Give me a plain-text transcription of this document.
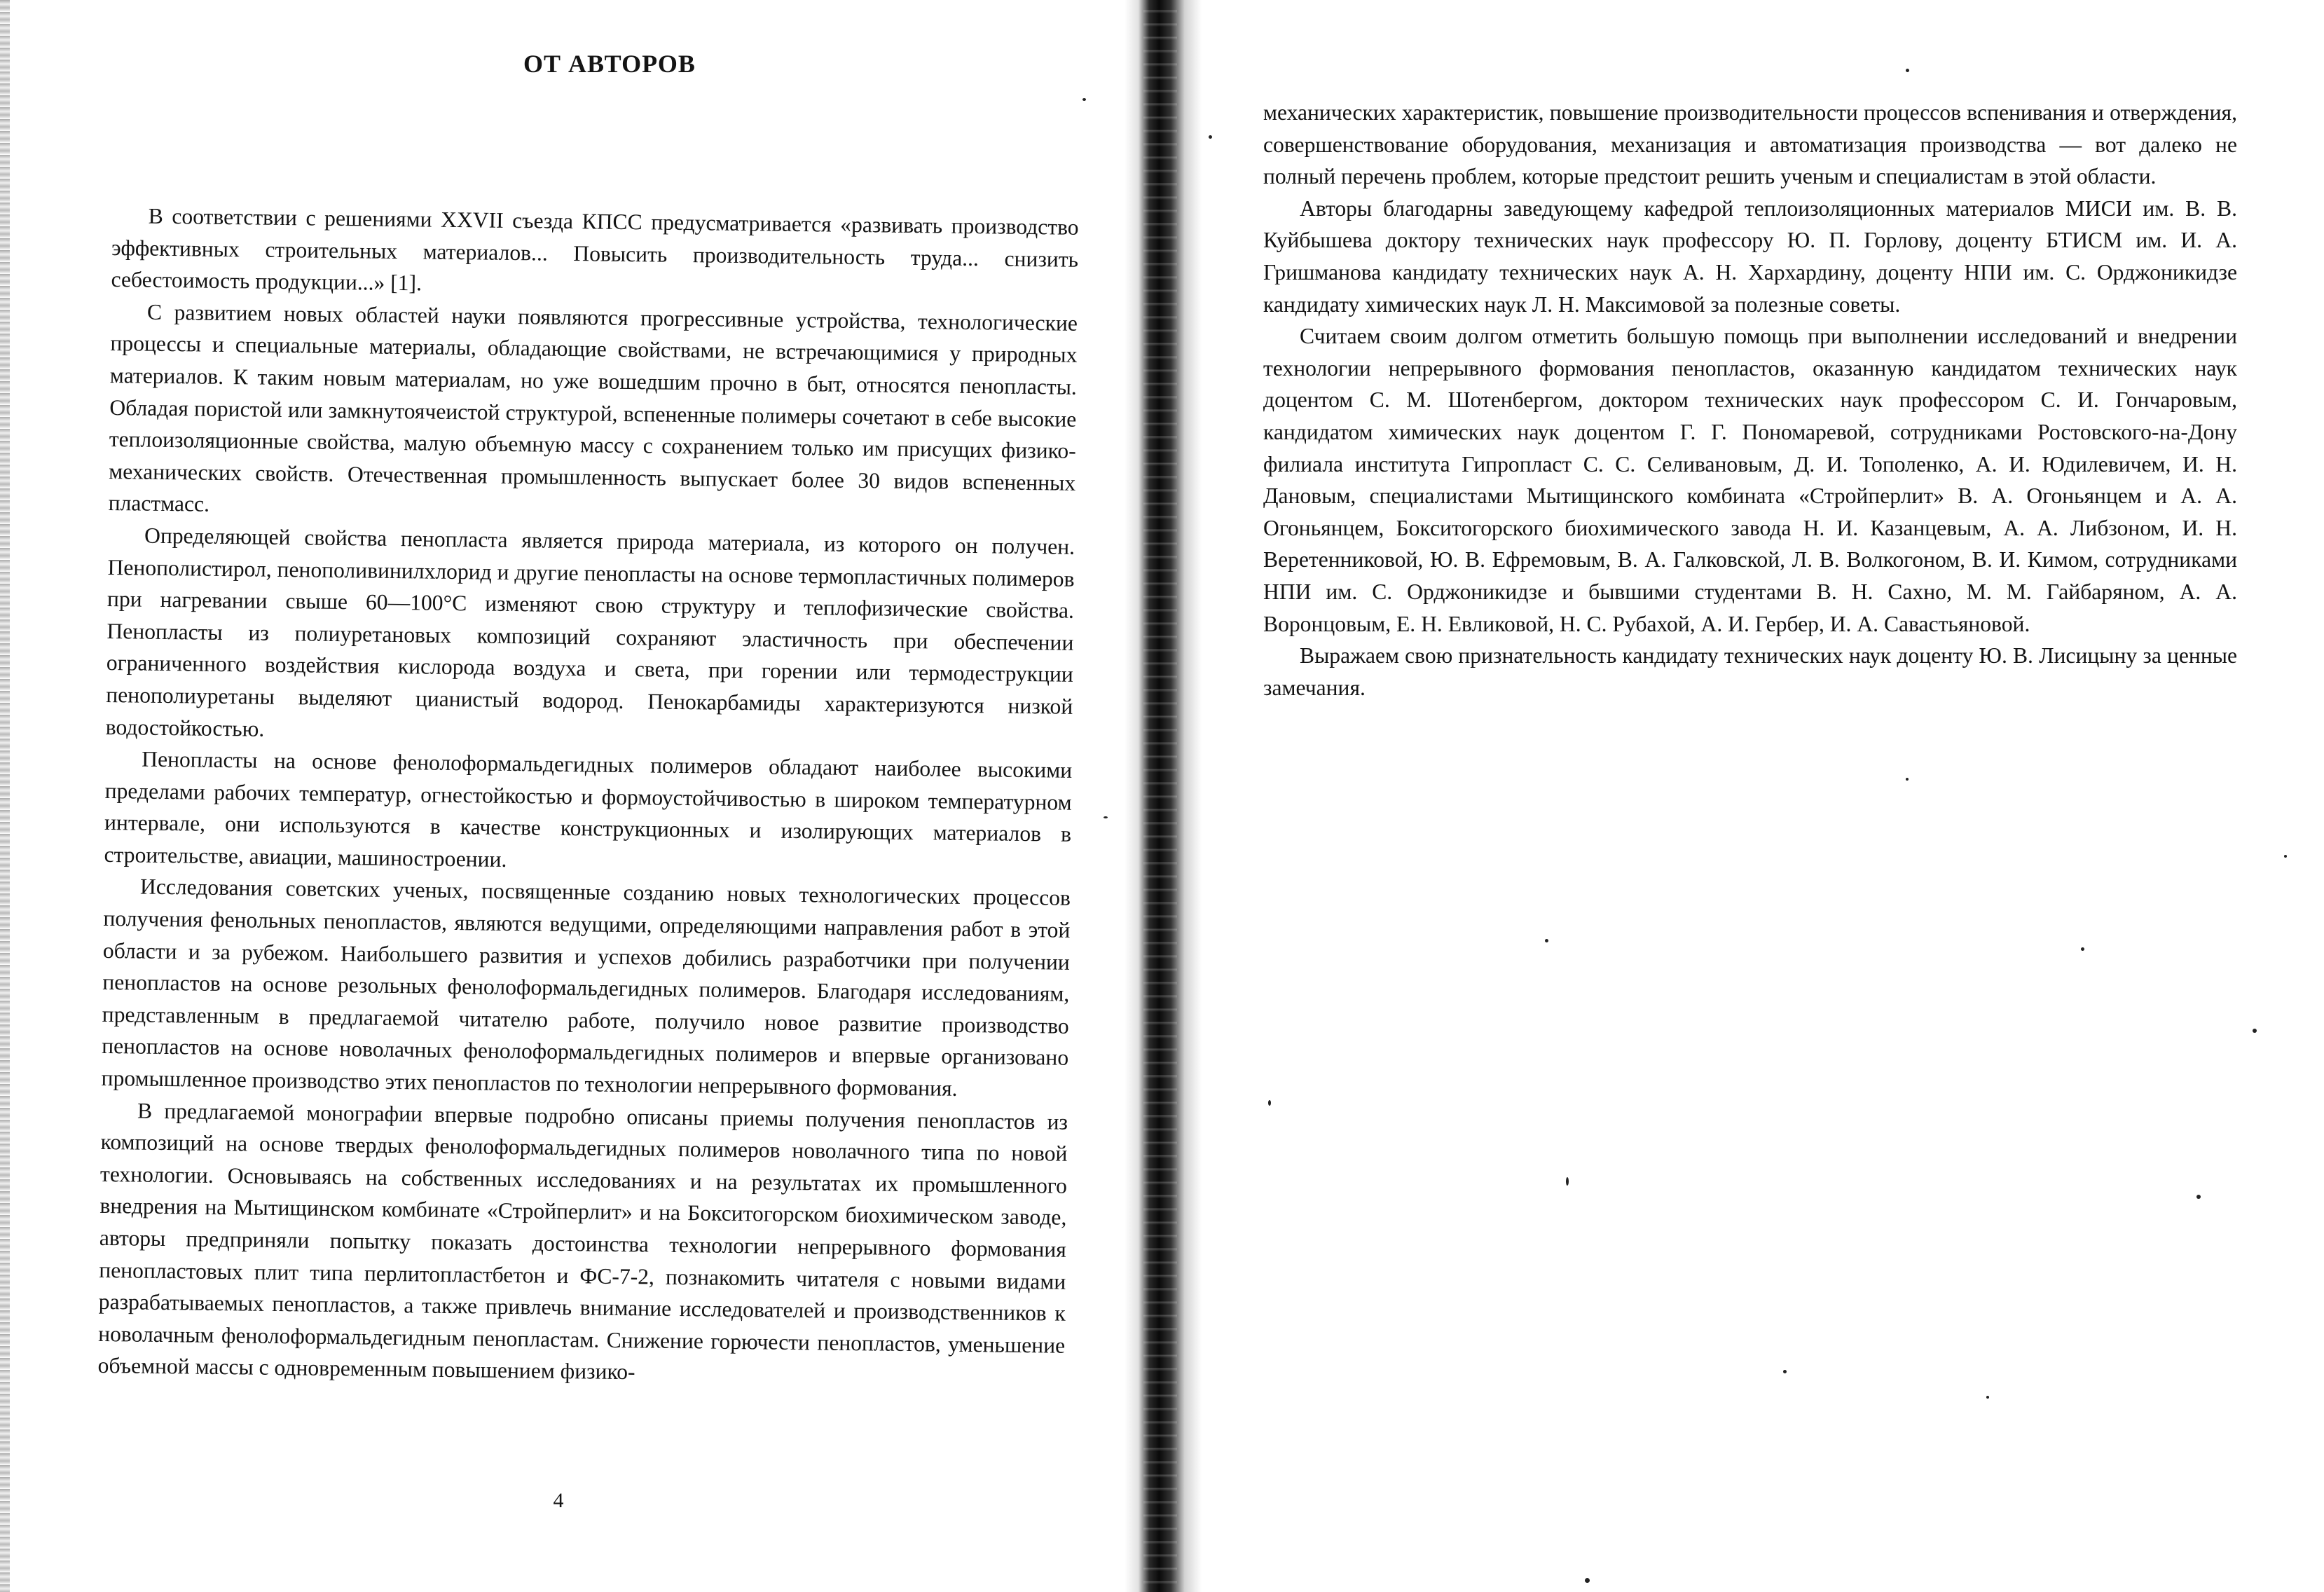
ОТ АВТОРОВ

В соответствии с решениями XXVII съезда КПСС предусматривается «развивать производство эффективных строительных материалов... Повысить производительность труда... снизить себестоимость продукции...» [1].

С развитием новых областей науки появляются прогрессивные устройства, технологические процессы и специальные материалы, обладающие свойствами, не встречающимися у природных материалов. К таким новым материалам, но уже вошедшим прочно в быт, относятся пенопласты. Обладая пористой или замкнутоячеистой структурой, вспененные полимеры сочетают в себе высокие теплоизоляционные свойства, малую объемную массу с сохранением только им присущих физико-механических свойств. Отечественная промышленность выпускает более 30 видов вспененных пластмасс.

Определяющей свойства пенопласта является природа материала, из которого он получен. Пенополистирол, пенополивинилхлорид и другие пенопласты на основе термопластичных полимеров при нагревании свыше 60—100°С изменяют свою структуру и теплофизические свойства. Пенопласты из полиуретановых композиций сохраняют эластичность при обеспечении ограниченного воздействия кислорода воздуха и света, при горении или термодеструкции пенополиуретаны выделяют цианистый водород. Пенокарбамиды характеризуются низкой водостойкостью.

Пенопласты на основе фенолоформальдегидных полимеров обладают наиболее высокими пределами рабочих температур, огнестойкостью и формоустойчивостью в широком температурном интервале, они используются в качестве конструкционных и изолирующих материалов в строительстве, авиации, машиностроении.

Исследования советских ученых, посвященные созданию новых технологических процессов получения фенольных пенопластов, являются ведущими, определяющими направления работ в этой области и за рубежом. Наибольшего развития и успехов добились разработчики при получении пенопластов на основе резольных фенолоформальдегидных полимеров. Благодаря исследованиям, представленным в предлагаемой читателю работе, получило новое развитие производство пенопластов на основе новолачных фенолоформальдегидных полимеров и впервые организовано промышленное производство этих пенопластов по технологии непрерывного формования.

В предлагаемой монографии впервые подробно описаны приемы получения пенопластов из композиций на основе твердых фенолоформальдегидных полимеров новолачного типа по новой технологии. Основываясь на собственных исследованиях и на результатах их промышленного внедрения на Мытищинском комбинате «Стройперлит» и на Бокситогорском биохимическом заводе, авторы предприняли попытку показать достоинства технологии непрерывного формования пенопластовых плит типа перлитопластбетон и ФС-7-2, познакомить читателя с новыми видами разрабатываемых пенопластов, а также привлечь внимание исследователей и производственников к новолачным фенолоформальдегидным пенопластам. Снижение горючести пенопластов, уменьшение объемной массы с одновременным повышением физико-

4

механических характеристик, повышение производительности процессов вспенивания и отверждения, совершенствование оборудования, механизация и автоматизация производства — вот далеко не полный перечень проблем, которые предстоит решить ученым и специалистам в этой области.

Авторы благодарны заведующему кафедрой теплоизоляционных материалов МИСИ им. В. В. Куйбышева доктору технических наук профессору Ю. П. Горлову, доценту БТИСМ им. И. А. Гришманова кандидату технических наук А. Н. Хархардину, доценту НПИ им. С. Орджоникидзе кандидату химических наук Л. Н. Максимовой за полезные советы.

Считаем своим долгом отметить большую помощь при выполнении исследований и внедрении технологии непрерывного формования пенопластов, оказанную кандидатом технических наук доцентом С. М. Шотенбергом, доктором технических наук профессором С. И. Гончаровым, кандидатом химических наук доцентом Г. Г. Пономаревой, сотрудниками Ростовского-на-Дону филиала института Гипропласт С. С. Селивановым, Д. И. Тополенко, А. И. Юдилевичем, И. Н. Дановым, специалистами Мытищинского комбината «Стройперлит» В. А. Огоньянцем и А. А. Огоньянцем, Бокситогорского биохимического завода Н. И. Казанцевым, А. А. Либзоном, И. Н. Веретенниковой, Ю. В. Ефремовым, В. А. Галковской, Л. В. Волкогоном, В. И. Кимом, сотрудниками НПИ им. С. Орджоникидзе и бывшими студентами В. Н. Сахно, М. М. Гайбаряном, А. А. Воронцовым, Е. Н. Евликовой, Н. С. Рубахой, А. И. Гербер, И. А. Савастьяновой.

Выражаем свою признательность кандидату технических наук доценту Ю. В. Лисицыну за ценные замечания.
